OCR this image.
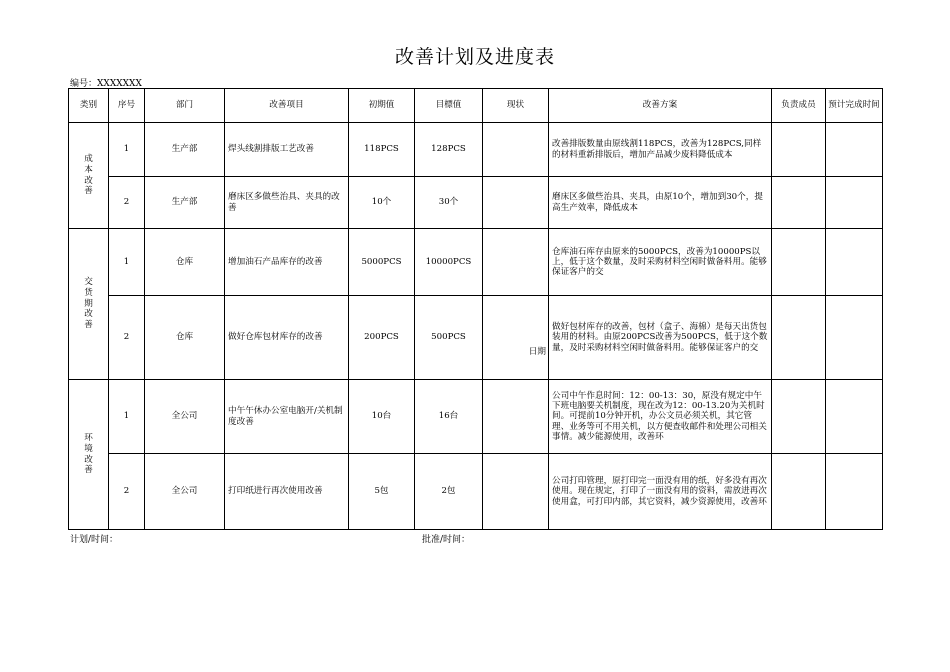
改善计划及进度表
编号：XXXXXXX
类别	序号	部门	改善项目	初期值	目標值	现状	改善方案	负责成员	预计完成时间
成本改善	1	生产部	焊头线割排版工艺改善	118PCS	128PCS		改善排版数量由原线割118PCS，改善为128PCS,同样的材料重新排版后，增加产品减少废料降低成本		
	2	生产部	磨床区多做些治具、夹具的改善	10个	30个		磨床区多做些治具、夹具，由原10个，增加到30个，提高生产效率，降低成本		
交货期改善	1	仓库	增加油石产品库存的改善	5000PCS	10000PCS		仓库油石库存由原来的5000PCS，改善为10000PS以上，低于这个数量，及时采购材料空闲时做备料用。能够保证客户的交		
	2	仓库	做好仓库包材库存的改善	200PCS	500PCS	日期	做好包材库存的改善，包材（盒子、海棉）是每天出货包装用的材料。由原200PCS改善为500PCS，低于这个数量，及时采购材料空闲时做备料用。能够保证客户的交		
环境改善	1	全公司	中午午休办公室电脑开/关机制度改善	10台	16台		公司中午作息时间：12：00-13：30，原没有规定中午下班电脑要关机制度，现在改为12：00-13.20为关机时间。可提前10分钟开机，办公文员必须关机，其它管理、业务等可不用关机，以方便查收邮件和处理公司相关事情。减少能源使用，改善环		
	2	全公司	打印纸进行再次使用改善	5包	2包		公司打印管理，原打印完一面没有用的纸，好多没有再次使用。现在规定，打印了一面没有用的资料，需放进再次使用盒，可打印内部，其它资料，减少资源使用，改善环		
计划/时间：	批准/时间：
